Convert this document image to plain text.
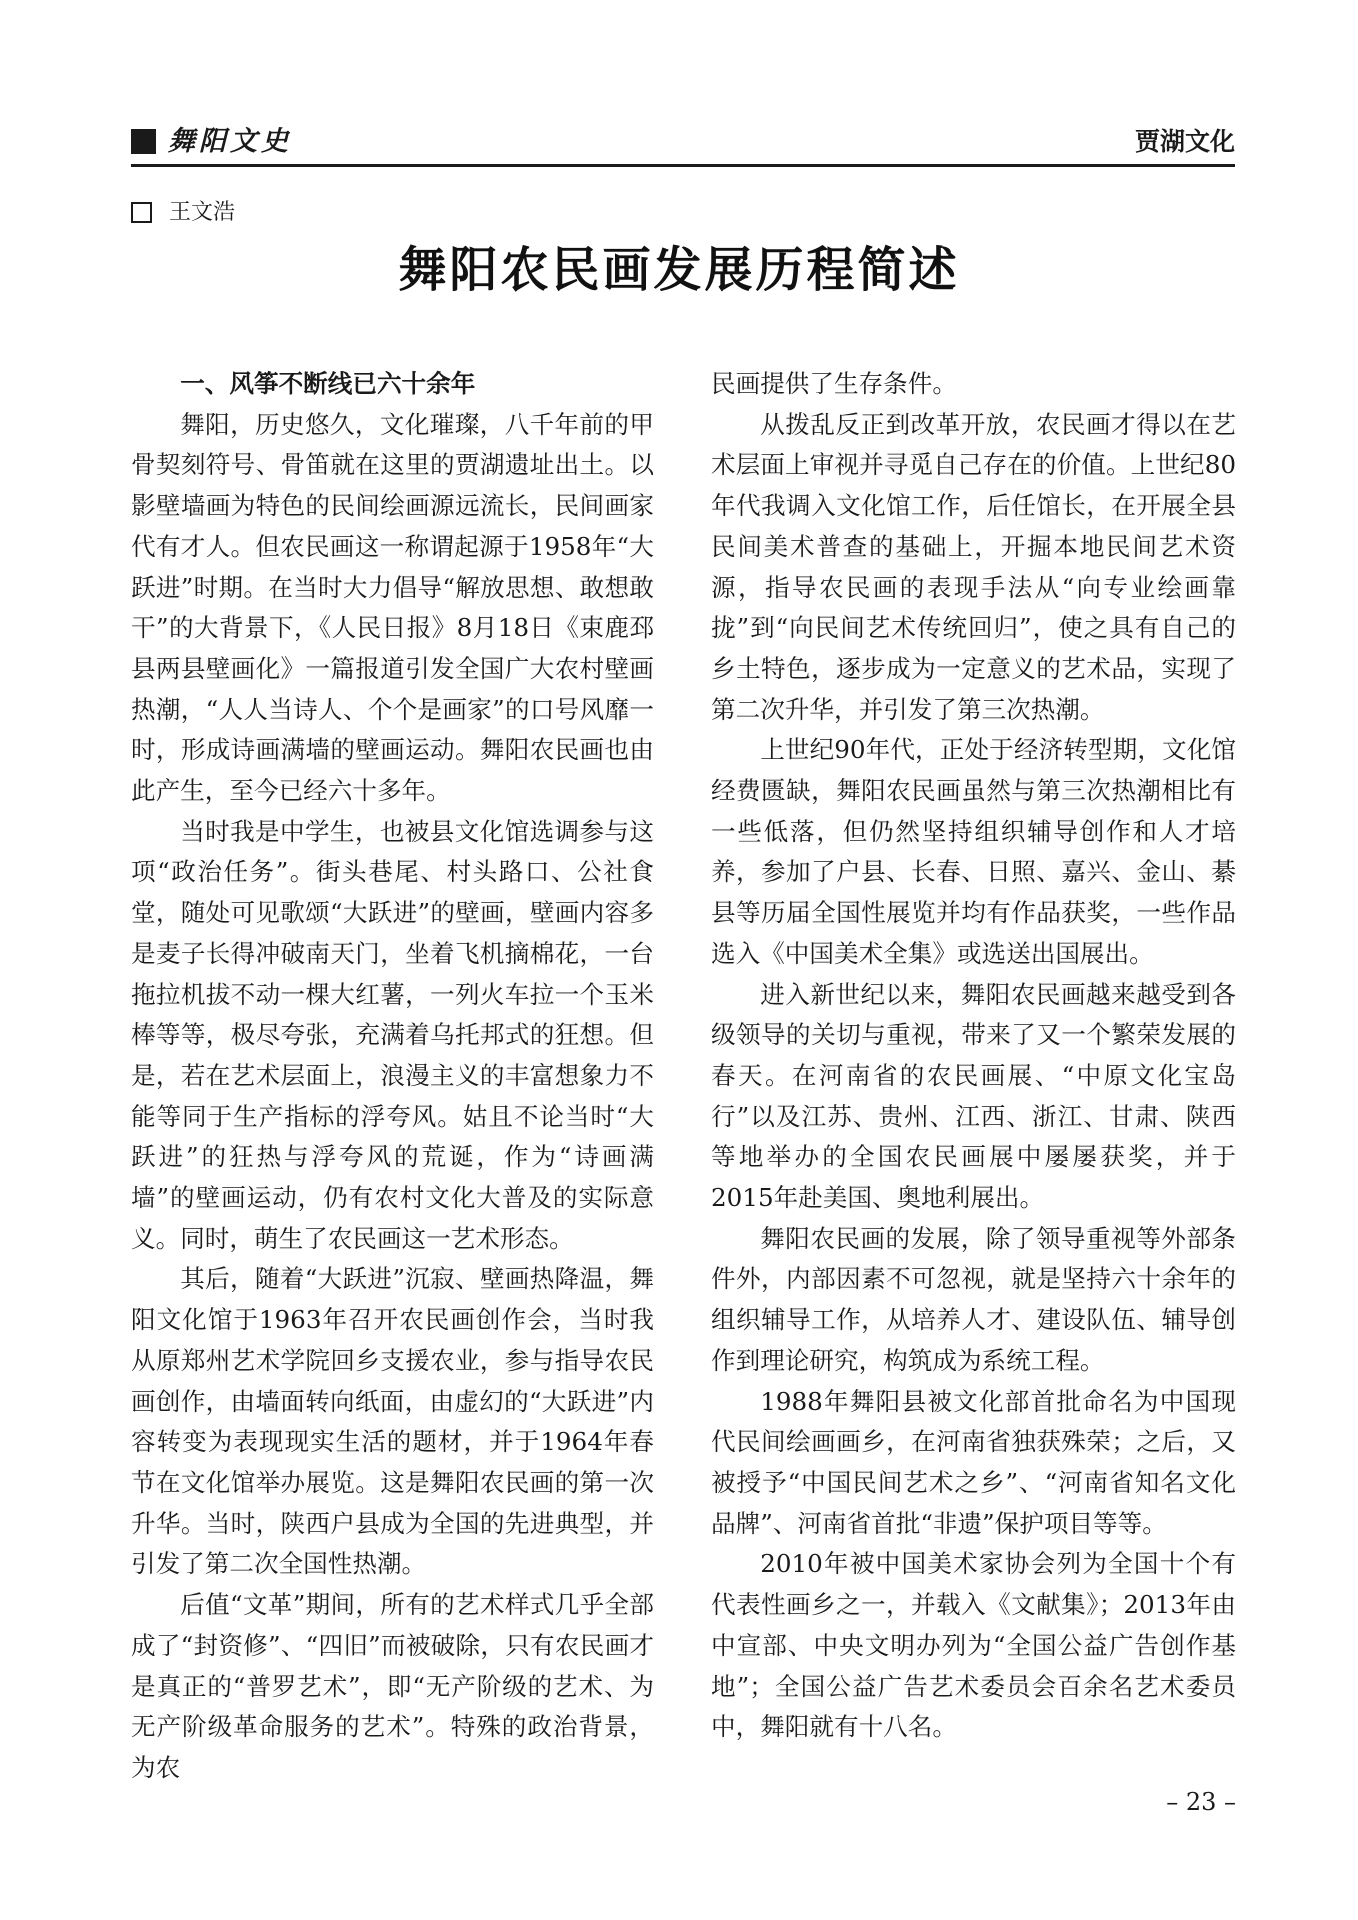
舞阳文史	贾湖文化
王文浩
舞阳农民画发展历程简述
一、风筝不断线已六十余年

舞阳，历史悠久，文化璀璨，八千年前的甲骨契刻符号、骨笛就在这里的贾湖遗址出土。以影壁墙画为特色的民间绘画源远流长，民间画家代有才人。但农民画这一称谓起源于1958年“大跃进”时期。在当时大力倡导“解放思想、敢想敢干”的大背景下，《人民日报》8月18日《束鹿邳县两县壁画化》一篇报道引发全国广大农村壁画热潮，“人人当诗人、个个是画家”的口号风靡一时，形成诗画满墙的壁画运动。舞阳农民画也由此产生，至今已经六十多年。

当时我是中学生，也被县文化馆选调参与这项“政治任务”。街头巷尾、村头路口、公社食堂，随处可见歌颂“大跃进”的壁画，壁画内容多是麦子长得冲破南天门，坐着飞机摘棉花，一台拖拉机拔不动一棵大红薯，一列火车拉一个玉米棒等等，极尽夸张，充满着乌托邦式的狂想。但是，若在艺术层面上，浪漫主义的丰富想象力不能等同于生产指标的浮夸风。姑且不论当时“大跃进”的狂热与浮夸风的荒诞，作为“诗画满墙”的壁画运动，仍有农村文化大普及的实际意义。同时，萌生了农民画这一艺术形态。

其后，随着“大跃进”沉寂、壁画热降温，舞阳文化馆于1963年召开农民画创作会，当时我从原郑州艺术学院回乡支援农业，参与指导农民画创作，由墙面转向纸面，由虚幻的“大跃进”内容转变为表现现实生活的题材，并于1964年春节在文化馆举办展览。这是舞阳农民画的第一次升华。当时，陕西户县成为全国的先进典型，并引发了第二次全国性热潮。

后值“文革”期间，所有的艺术样式几乎全部成了“封资修”、“四旧”而被破除，只有农民画才是真正的“普罗艺术”，即“无产阶级的艺术、为无产阶级革命服务的艺术”。特殊的政治背景，为农

民画提供了生存条件。

从拨乱反正到改革开放，农民画才得以在艺术层面上审视并寻觅自己存在的价值。上世纪80年代我调入文化馆工作，后任馆长，在开展全县民间美术普查的基础上，开掘本地民间艺术资源，指导农民画的表现手法从“向专业绘画靠拢”到“向民间艺术传统回归”，使之具有自己的乡土特色，逐步成为一定意义的艺术品，实现了第二次升华，并引发了第三次热潮。

上世纪90年代，正处于经济转型期，文化馆经费匮缺，舞阳农民画虽然与第三次热潮相比有一些低落，但仍然坚持组织辅导创作和人才培养，参加了户县、长春、日照、嘉兴、金山、綦县等历届全国性展览并均有作品获奖，一些作品选入《中国美术全集》或选送出国展出。

进入新世纪以来，舞阳农民画越来越受到各级领导的关切与重视，带来了又一个繁荣发展的春天。在河南省的农民画展、“中原文化宝岛行”以及江苏、贵州、江西、浙江、甘肃、陕西等地举办的全国农民画展中屡屡获奖，并于2015年赴美国、奥地利展出。

舞阳农民画的发展，除了领导重视等外部条件外，内部因素不可忽视，就是坚持六十余年的组织辅导工作，从培养人才、建设队伍、辅导创作到理论研究，构筑成为系统工程。

1988年舞阳县被文化部首批命名为中国现代民间绘画画乡，在河南省独获殊荣；之后，又被授予“中国民间艺术之乡”、“河南省知名文化品牌”、河南省首批“非遗”保护项目等等。

2010年被中国美术家协会列为全国十个有代表性画乡之一，并载入《文献集》；2013年由中宣部、中央文明办列为“全国公益广告创作基地”；全国公益广告艺术委员会百余名艺术委员中，舞阳就有十八名。

– 23 –
